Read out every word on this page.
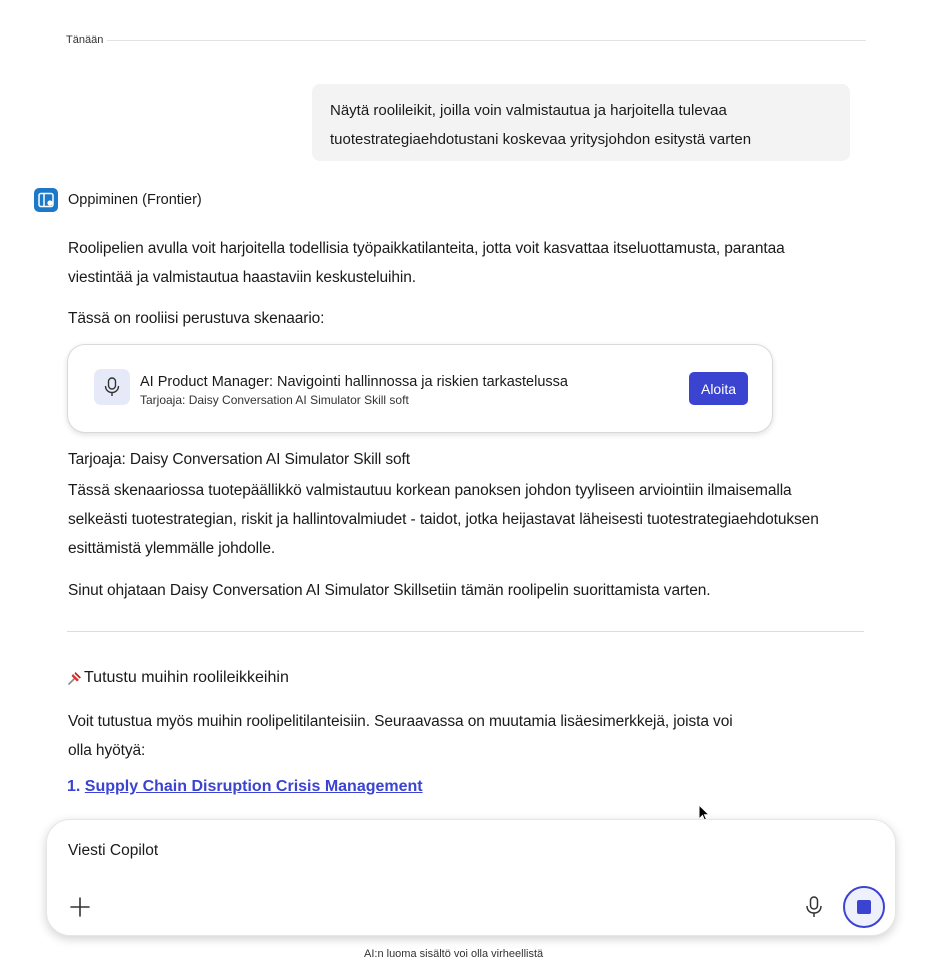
Tänään
Näytä roolileikit, joilla voin valmistautua ja harjoitella tulevaa
tuotestrategiaehdotustani koskevaa yritysjohdon esitystä varten
Oppiminen (Frontier)
Roolipelien avulla voit harjoitella todellisia työpaikkatilanteita, jotta voit kasvattaa itseluottamusta, parantaa
viestintää ja valmistautua haastaviin keskusteluihin.
Tässä on rooliisi perustuva skenaario:
AI Product Manager: Navigointi hallinnossa ja riskien tarkastelussa
Tarjoaja: Daisy Conversation AI Simulator Skill soft
Aloita
Tarjoaja: Daisy Conversation AI Simulator Skill soft
Tässä skenaariossa tuotepäällikkö valmistautuu korkean panoksen johdon tyyliseen arviointiin ilmaisemalla
selkeästi tuotestrategian, riskit ja hallintovalmiudet - taidot, jotka heijastavat läheisesti tuotestrategiaehdotuksen
esittämistä ylemmälle johdolle.
Sinut ohjataan Daisy Conversation AI Simulator Skillsetiin tämän roolipelin suorittamista varten.
Tutustu muihin roolileikkeihin
Voit tutustua myös muihin roolipelitilanteisiin. Seuraavassa on muutamia lisäesimerkkejä, joista voi
olla hyötyä:
1. Supply Chain Disruption Crisis Management
Viesti Copilot
AI:n luoma sisältö voi olla virheellistä
